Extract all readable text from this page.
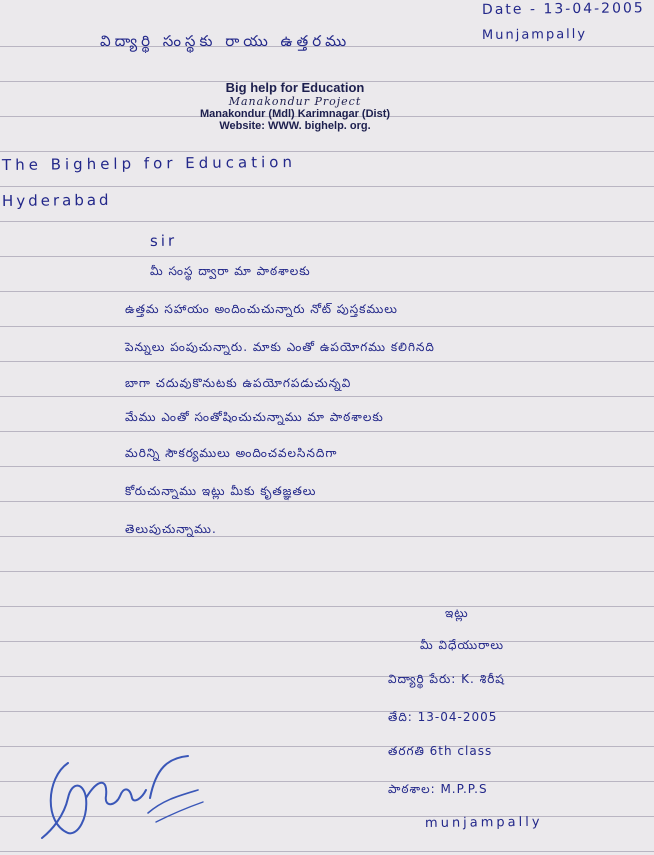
Date - 13-04-2005
విద్యార్థి సంస్థకు రాయు ఉత్తరము	Munjampally
Big help for Education
Manakondur Project
Manakondur (Mdl) Karimnagar (Dist)
Website: WWW. bighelp. org.
The Bighelp for Education
Hyderabad
sir
మీ సంస్థ ద్వారా మా పాఠశాలకు
ఉత్తమ సహాయం అందించుచున్నారు నోట్ పుస్తకములు
పెన్నులు పంపుచున్నారు. మాకు ఎంతో ఉపయోగము కలిగినది
బాగా చదువుకొనుటకు ఉపయోగపడుచున్నవి
మేము ఎంతో సంతోషించుచున్నాము మా పాఠశాలకు
మరిన్ని సౌకర్యములు అందించవలసినదిగా
కోరుచున్నాము ఇట్లు మీకు కృతజ్ఞతలు
తెలుపుచున్నాము.
ఇట్లు
మీ విధేయురాలు
విద్యార్థి పేరు: K. శిరీష
తేది: 13-04-2005
తరగతి 6th class
పాఠశాల: M.P.P.S
munjampally
